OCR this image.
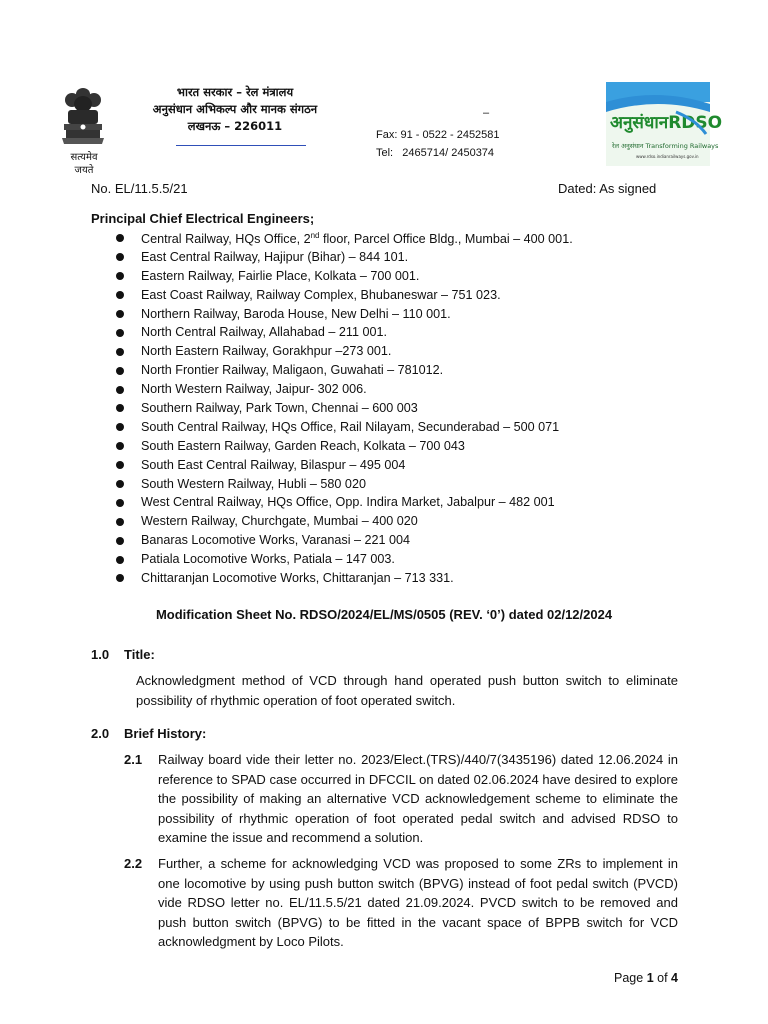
सत्यमेव
जयते
भारत सरकार – रेल मंत्रालय
अनुसंधान अभिकल्प और मानक संगठन
लखनऊ – 226011
–
Fax: 91 - 0522 - 2452581
Tel:   2465714/ 2450374
अनुसंधानRDSO
रेल अनुसंधान Transforming Railways
www.rdso.indianrailways.gov.in
No. EL/11.5.5/21	Dated: As signed
Principal Chief Electrical Engineers;
Central Railway, HQs Office, 2nd floor, Parcel Office Bldg., Mumbai – 400 001.
East Central Railway, Hajipur (Bihar) – 844 101.
Eastern Railway, Fairlie Place, Kolkata – 700 001.
East Coast Railway, Railway Complex, Bhubaneswar – 751 023.
Northern Railway, Baroda House, New Delhi – 110 001.
North Central Railway, Allahabad – 211 001.
North Eastern Railway, Gorakhpur –273 001.
North Frontier Railway, Maligaon, Guwahati – 781012.
North Western Railway, Jaipur- 302 006.
Southern Railway, Park Town, Chennai – 600 003
South Central Railway, HQs Office, Rail Nilayam, Secunderabad – 500 071
South Eastern Railway, Garden Reach, Kolkata – 700 043
South East Central Railway, Bilaspur – 495 004
South Western Railway, Hubli – 580 020
West Central Railway, HQs Office, Opp. Indira Market, Jabalpur – 482 001
Western Railway, Churchgate, Mumbai – 400 020
Banaras Locomotive Works, Varanasi – 221 004
Patiala Locomotive Works, Patiala – 147 003.
Chittaranjan Locomotive Works, Chittaranjan – 713 331.
Modification Sheet No. RDSO/2024/EL/MS/0505 (REV. ‘0’) dated 02/12/2024
1.0 Title:
Acknowledgment method of VCD through hand operated push button switch to eliminate possibility of rhythmic operation of foot operated switch.
2.0 Brief History:
2.1 Railway board vide their letter no. 2023/Elect.(TRS)/440/7(3435196) dated 12.06.2024 in reference to SPAD case occurred in DFCCIL on dated 02.06.2024 have desired to explore the possibility of making an alternative VCD acknowledgement scheme to eliminate the possibility of rhythmic operation of foot operated pedal switch and advised RDSO to examine the issue and recommend a solution.
2.2 Further, a scheme for acknowledging VCD was proposed to some ZRs to implement in one locomotive by using push button switch (BPVG) instead of foot pedal switch (PVCD) vide RDSO letter no. EL/11.5.5/21 dated 21.09.2024. PVCD switch to be removed and push button switch (BPVG) to be fitted in the vacant space of BPPB switch for VCD acknowledgment by Loco Pilots.
Page 1 of 4
